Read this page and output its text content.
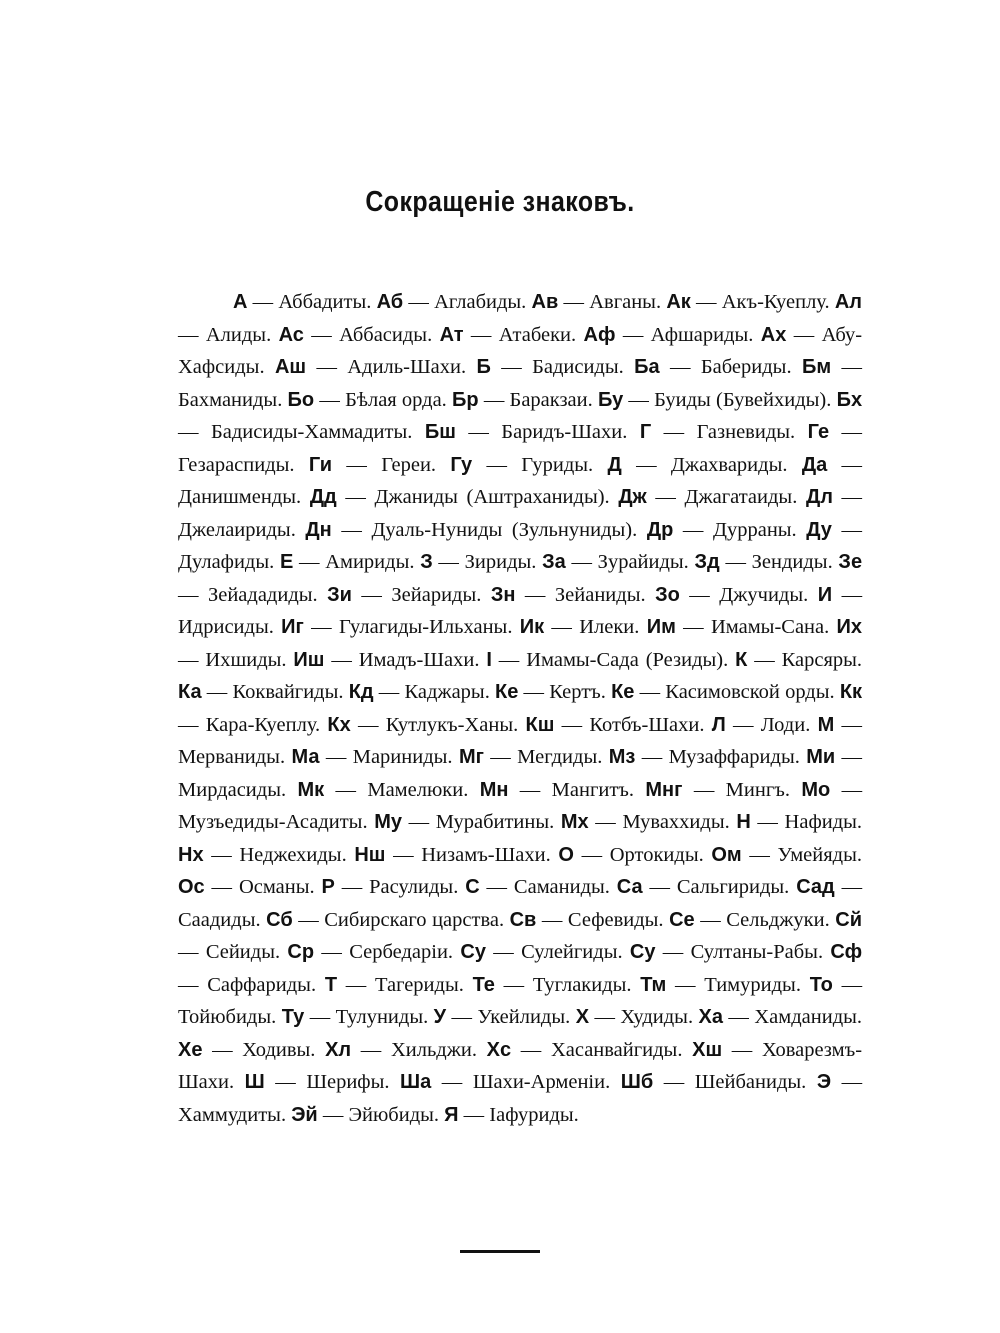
Сокращеніе знаковъ.
А — Аббадиты. Аб — Аглабиды. Ав — Авганы. Ак — Акъ-Куеплу. Ал — Алиды. Ас — Аббасиды. Ат — Атабеки. Аф — Афшариды. Ах — Абу-Хафсиды. Аш — Адиль-Шахи. Б — Бадисиды. Ба — Бабериды. Бм — Бахманиды. Бо — Бѣлая орда. Бр — Баракзаи. Бу — Буиды (Бувейхиды). Бх — Бадисиды-Хаммадиты. Бш — Баридъ-Шахи. Г — Газневиды. Ге — Гезараспиды. Ги — Гереи. Гу — Гуриды. Д — Джахвариды. Да — Данишменды. Дд — Джаниды (Аштраханиды). Дж — Джагатаиды. Дл — Джелаириды. Дн — Дуаль-Нуниды (Зульнуниды). Др — Дурраны. Ду — Дулафиды. Е — Амириды. З — Зириды. За — Зурайиды. Зд — Зендиды. Зе — Зейададиды. Зи — Зейариды. Зн — Зейаниды. Зо — Джучиды. И — Идрисиды. Иг — Гулагиды-Ильханы. Ик — Илеки. Им — Имамы-Сана. Их — Ихшиды. Иш — Имадъ-Шахи. І — Имамы-Сада (Резиды). К — Карсяры. Ка — Коквайгиды. Кд — Каджары. Ке — Кертъ. Ке — Касимовской орды. Кк — Кара-Куеплу. Кх — Кутлукъ-Ханы. Кш — Котбъ-Шахи. Л — Лоди. М — Мерваниды. Ма — Мариниды. Мг — Мегдиды. Мз — Музаффариды. Ми — Мирдасиды. Мк — Мамелюки. Мн — Мангитъ. Мнг — Мингъ. Мо — Музъедиды-Асадиты. Му — Мурабитины. Мх — Муваххиды. Н — Нафиды. Нх — Неджехиды. Нш — Низамъ-Шахи. О — Ортокиды. Ом — Умейяды. Ос — Османы. Р — Расулиды. С — Саманиды. Са — Сальгириды. Сад — Саадиды. Сб — Сибирскаго царства. Св — Сефевиды. Се — Сельджуки. Сй — Сейиды. Ср — Сербедаріи. Су — Сулейгиды. Су — Султаны-Рабы. Сф — Саффариды. Т — Тагериды. Те — Туглакиды. Тм — Тимуриды. То — Тойюбиды. Ту — Тулуниды. У — Укейлиды. Х — Худиды. Ха — Хамданиды. Хе — Ходивы. Хл — Хильджи. Хс — Хасанвайгиды. Хш — Ховарезмъ-Шахи. Ш — Шерифы. Ша — Шахи-Арменіи. Шб — Шейбаниды. Э — Хаммудиты. Эй — Эйюбиды. Я — Іафуриды.
